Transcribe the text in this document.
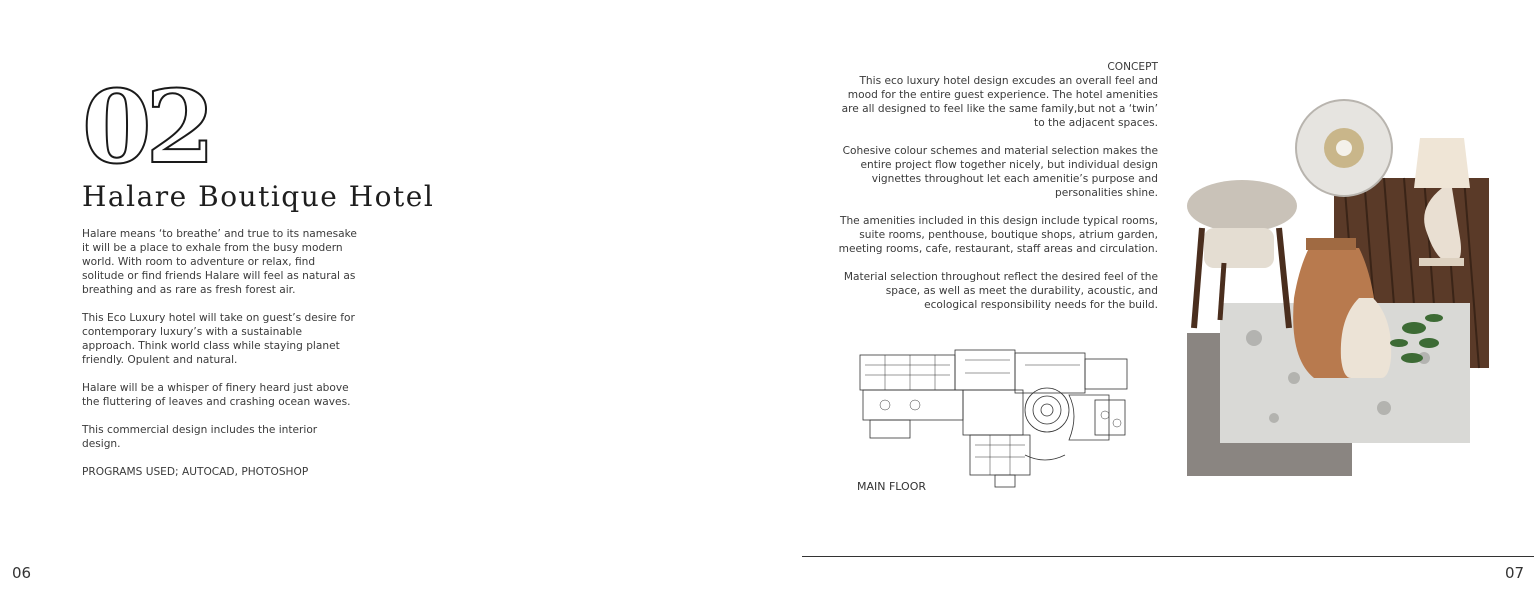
02
Halare Boutique Hotel

Halare means ‘to breathe’ and true to its namesake it will be a place to exhale from the busy modern world. With room to adventure or relax, find solitude or find friends Halare will feel as natural as breathing and as rare as fresh forest air.

This Eco Luxury hotel will take on guest’s desire for contemporary luxury’s with a sustainable approach. Think world class while staying planet friendly. Opulent and natural.

Halare will be a whisper of finery heard just above the fluttering of leaves and crashing ocean waves.

This commercial design includes the interior design.

PROGRAMS USED; AUTOCAD, PHOTOSHOP

06
CONCEPT

This eco luxury hotel design excudes an overall feel and mood for the entire guest experience. The hotel amenities are all designed to feel like the same family,but not a ‘twin’ to the adjacent spaces.

Cohesive colour schemes and material selection makes the entire project flow together nicely, but individual design vignettes throughout let each amenitie’s purpose and personalities shine.

The amenities included in this design include typical rooms, suite rooms, penthouse, boutique shops, atrium garden, meeting rooms, cafe, restaurant, staff areas and circulation.

Material selection throughout reflect the desired feel of the space, as well as meet the durability, acoustic, and ecological responsibility needs for the build.

MAIN FLOOR
07
